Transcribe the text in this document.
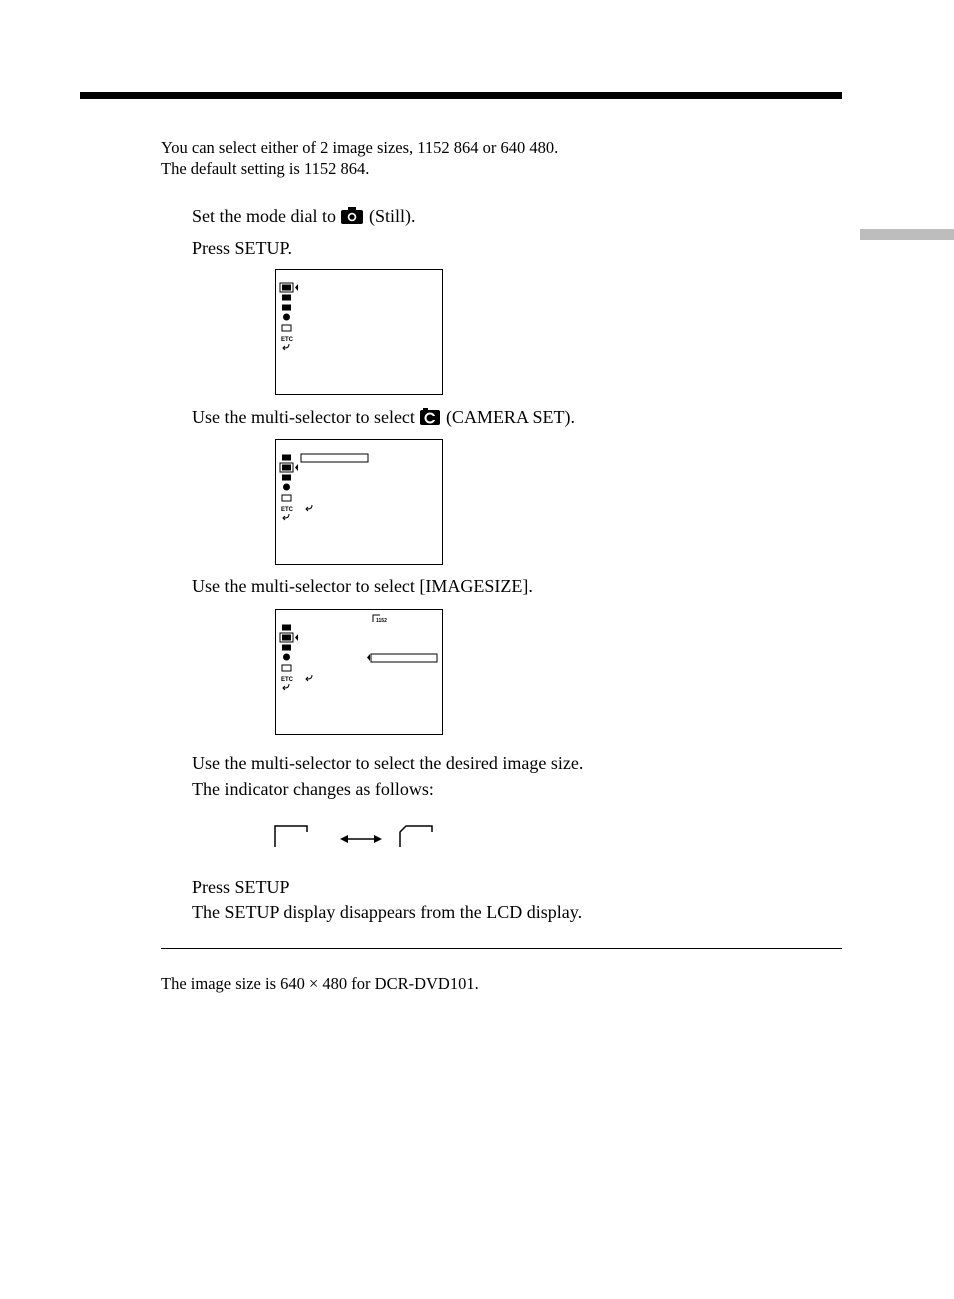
You can select either of 2 image sizes, 1152 864 or 640 480.
The default setting is 1152 864.
Set the mode dial to (Still).
Press SETUP.
ETC
Use the multi-selector to select (CAMERA SET).
ETC
Use the multi-selector to select [IMAGESIZE].
1152
ETC
Use the multi-selector to select the desired image size.
The indicator changes as follows:
Press SETUP
The SETUP display disappears from the LCD display.
The image size is 640 × 480 for DCR-DVD101.
